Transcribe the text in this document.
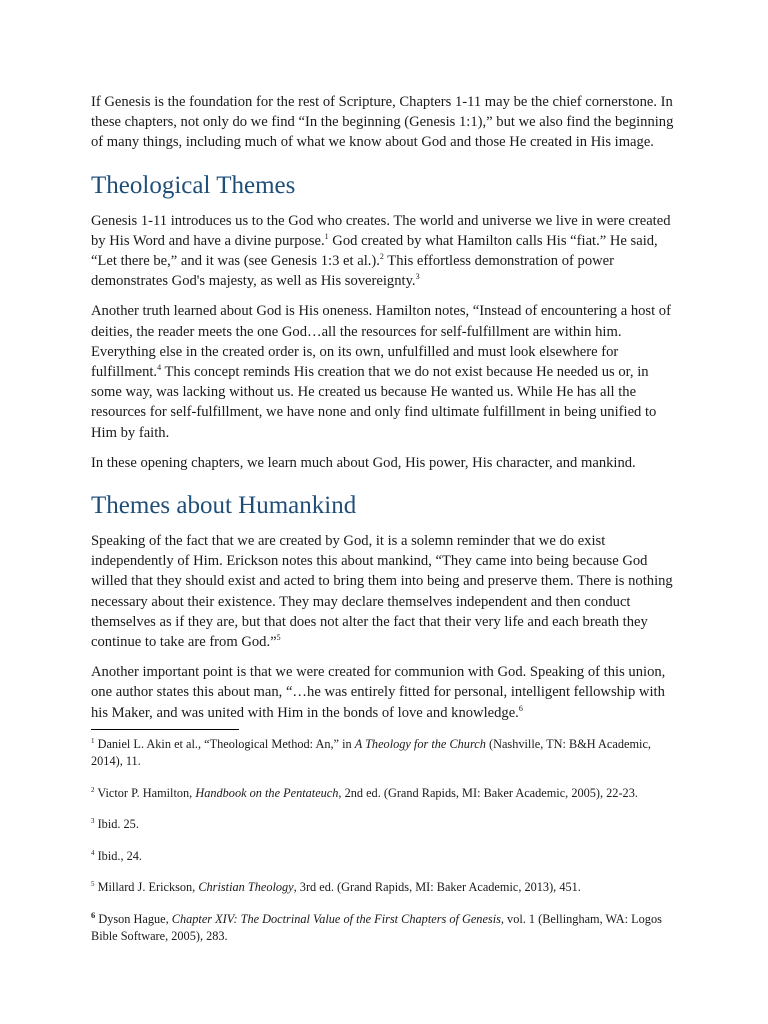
If Genesis is the foundation for the rest of Scripture, Chapters 1-11 may be the chief cornerstone. In these chapters, not only do we find “In the beginning (Genesis 1:1),” but we also find the beginning of many things, including much of what we know about God and those He created in His image.

Theological Themes

Genesis 1-11 introduces us to the God who creates. The world and universe we live in were created by His Word and have a divine purpose.$^1$ God created by what Hamilton calls His “fiat.” He said, “Let there be,” and it was (see Genesis 1:3 et al.).$^2$ This effortless demonstration of power demonstrates God's majesty, as well as His sovereignty.$^3$

Another truth learned about God is His oneness. Hamilton notes, “Instead of encountering a host of deities, the reader meets the one God…all the resources for self-fulfillment are within him. Everything else in the created order is, on its own, unfulfilled and must look elsewhere for fulfillment.$^4$ This concept reminds His creation that we do not exist because He needed us or, in some way, was lacking without us. He created us because He wanted us. While He has all the resources for self-fulfillment, we have none and only find ultimate fulfillment in being unified to Him by faith.

In these opening chapters, we learn much about God, His power, His character, and mankind.

Themes about Humankind

Speaking of the fact that we are created by God, it is a solemn reminder that we do exist independently of Him. Erickson notes this about mankind, “They came into being because God willed that they should exist and acted to bring them into being and preserve them. There is nothing necessary about their existence. They may declare themselves independent and then conduct themselves as if they are, but that does not alter the fact that their very life and each breath they continue to take are from God.”$^5$

Another important point is that we were created for communion with God. Speaking of this union, one author states this about man, “…he was entirely fitted for personal, intelligent fellowship with his Maker, and was united with Him in the bonds of love and knowledge.$^6$

$^1$ Daniel L. Akin et al., “Theological Method: An,” in A Theology for the Church (Nashville, TN: B&H Academic, 2014), 11.

$^2$ Victor P. Hamilton, Handbook on the Pentateuch, 2nd ed. (Grand Rapids, MI: Baker Academic, 2005), 22-23.

$^3$ Ibid. 25.

$^4$ Ibid., 24.

$^5$ Millard J. Erickson, Christian Theology, 3rd ed. (Grand Rapids, MI: Baker Academic, 2013), 451.

$^6$ Dyson Hague, Chapter XIV: The Doctrinal Value of the First Chapters of Genesis, vol. 1 (Bellingham, WA: Logos Bible Software, 2005), 283.
